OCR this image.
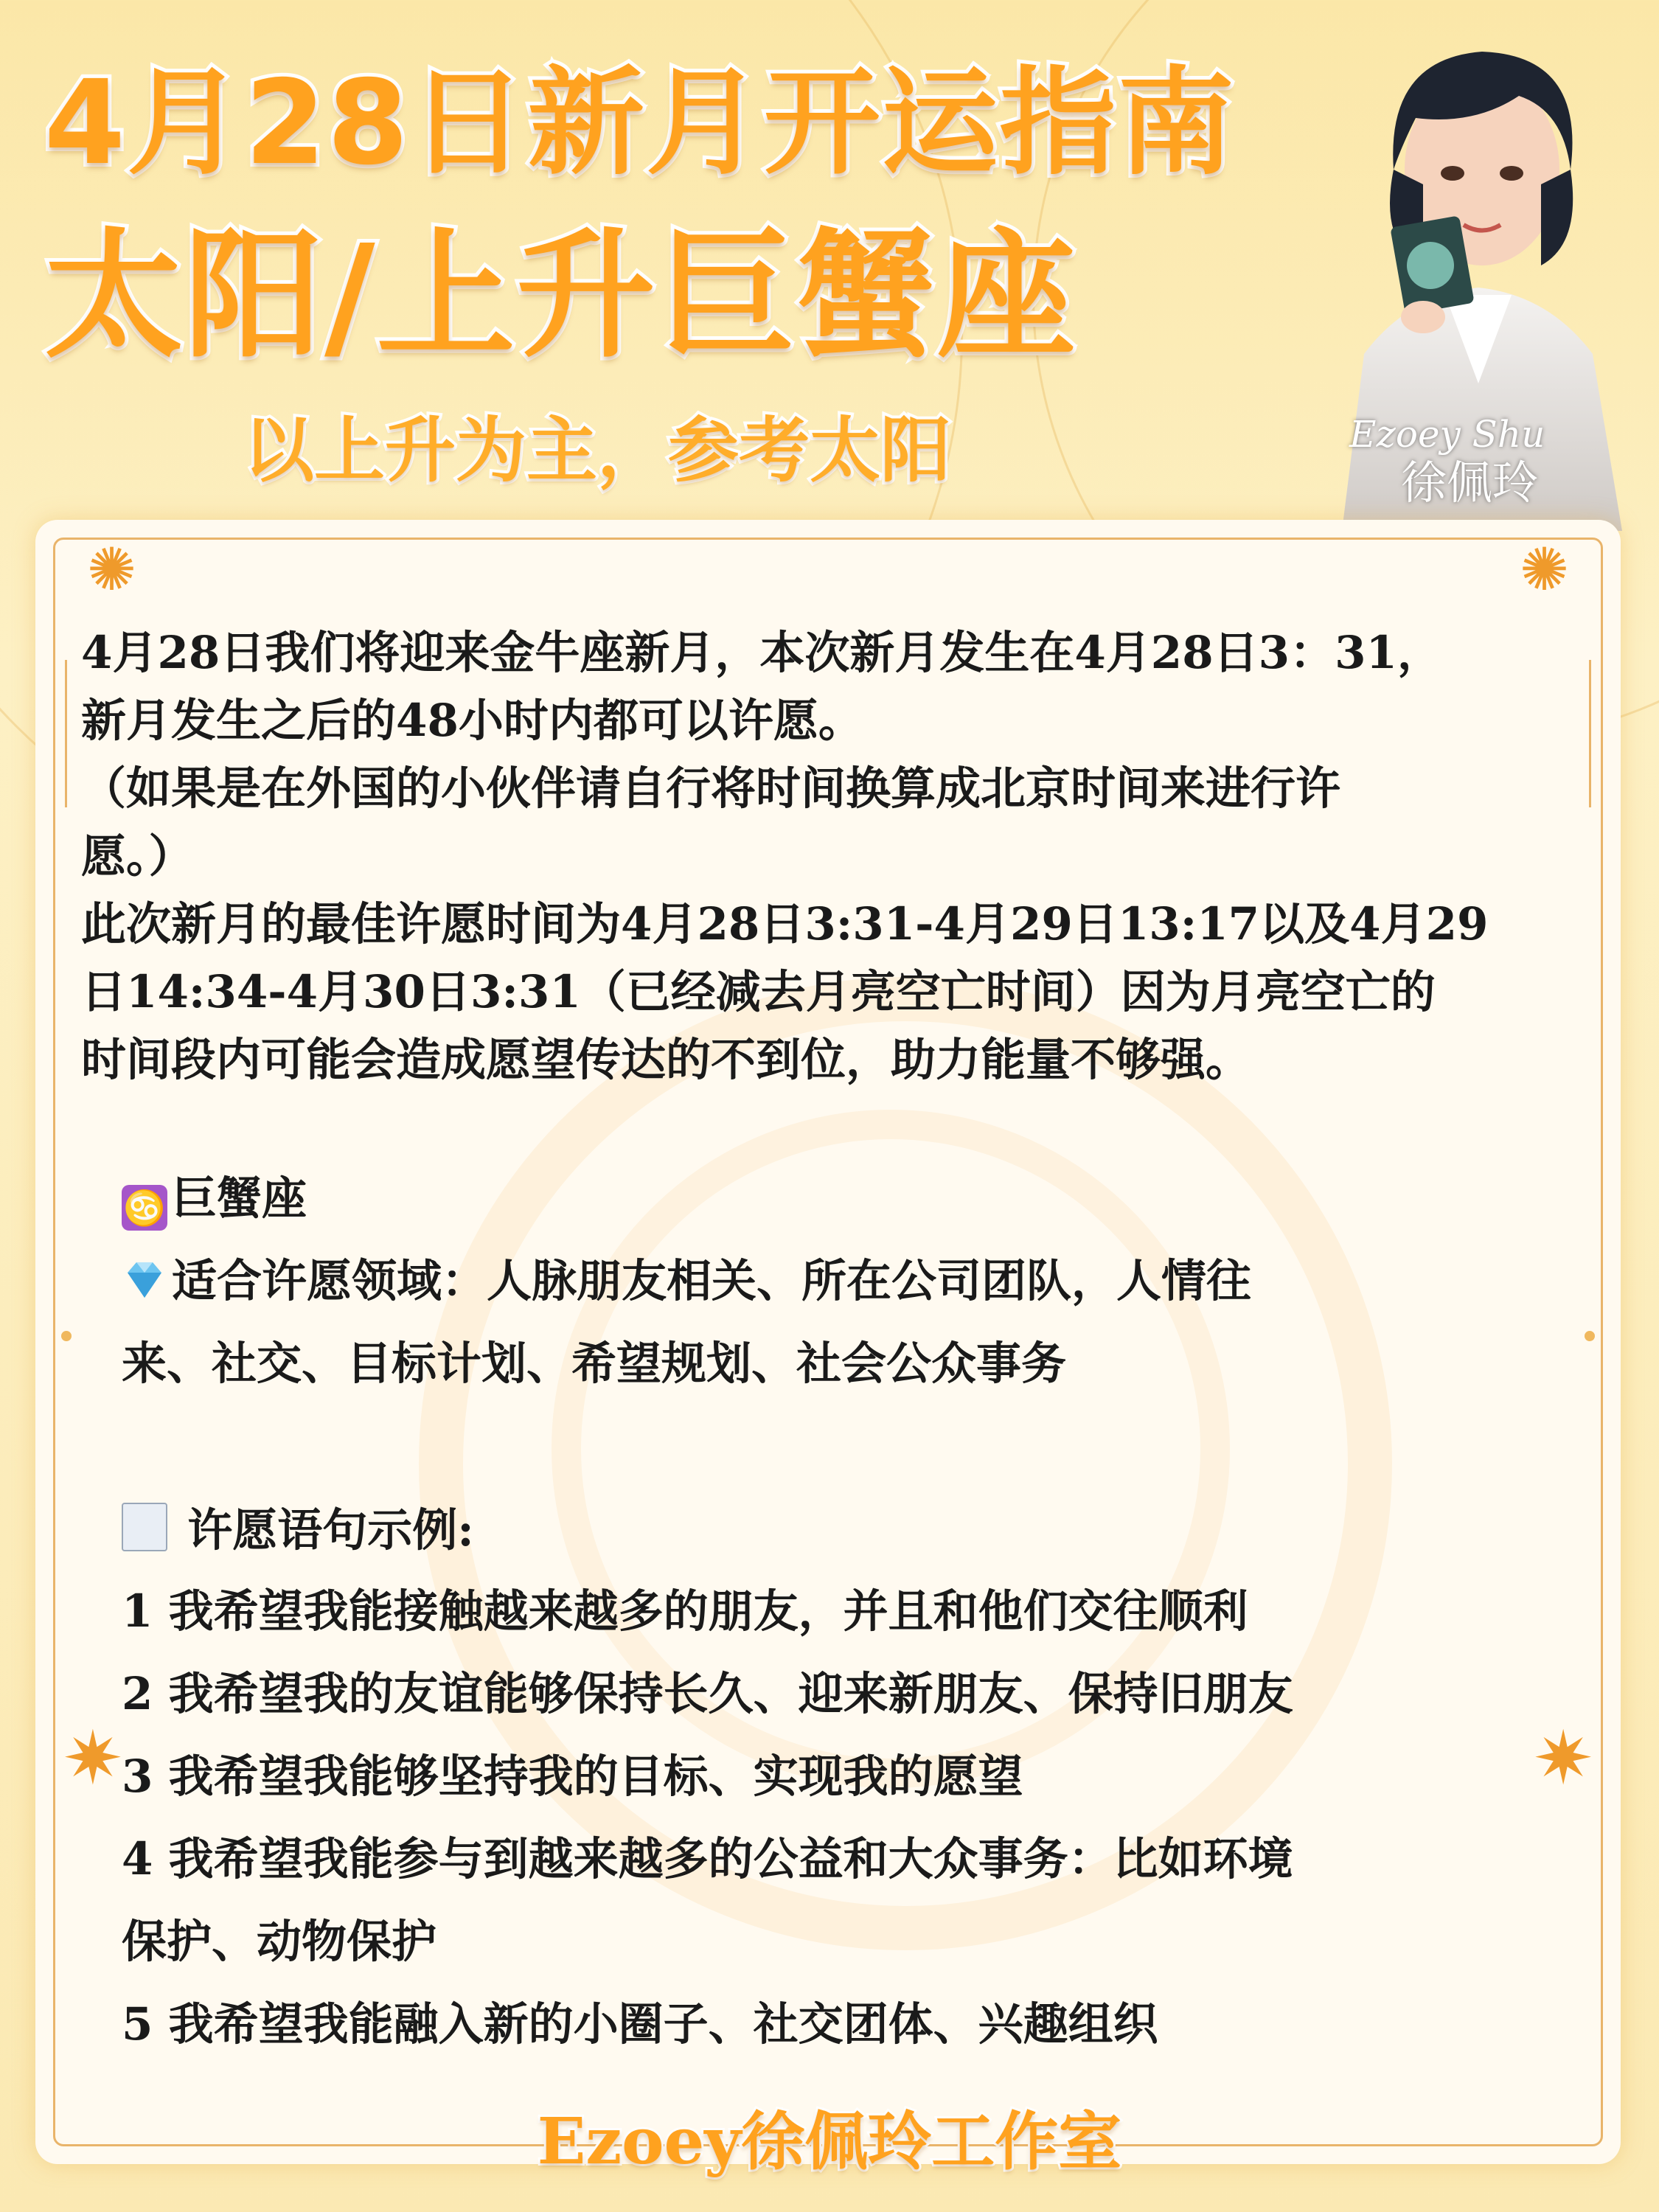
4月28日新月开运指南
太阳/上升巨蟹座
以上升为主，参考太阳	Ezoey Shu
徐佩玲
✺	✺
✷	✷
4月28日我们将迎来金牛座新月，本次新月发生在4月28日3：31，
新月发生之后的48小时内都可以许愿。
（如果是在外国的小伙伴请自行将时间换算成北京时间来进行许
愿。）
此次新月的最佳许愿时间为4月28日3:31-4月29日13:17以及4月29
日14:34-4月30日3:31（已经减去月亮空亡时间）因为月亮空亡的
时间段内可能会造成愿望传达的不到位，助力能量不够强。
♋ 巨蟹座
适合许愿领域：人脉朋友相关、所在公司团队，人情往
来、社交、目标计划、希望规划、社会公众事务
许愿语句示例:
1 我希望我能接触越来越多的朋友，并且和他们交往顺利
2 我希望我的友谊能够保持长久、迎来新朋友、保持旧朋友
3 我希望我能够坚持我的目标、实现我的愿望
4 我希望我能参与到越来越多的公益和大众事务：比如环境
保护、动物保护
5 我希望我能融入新的小圈子、社交团体、兴趣组织
Ezoey徐佩玲工作室
